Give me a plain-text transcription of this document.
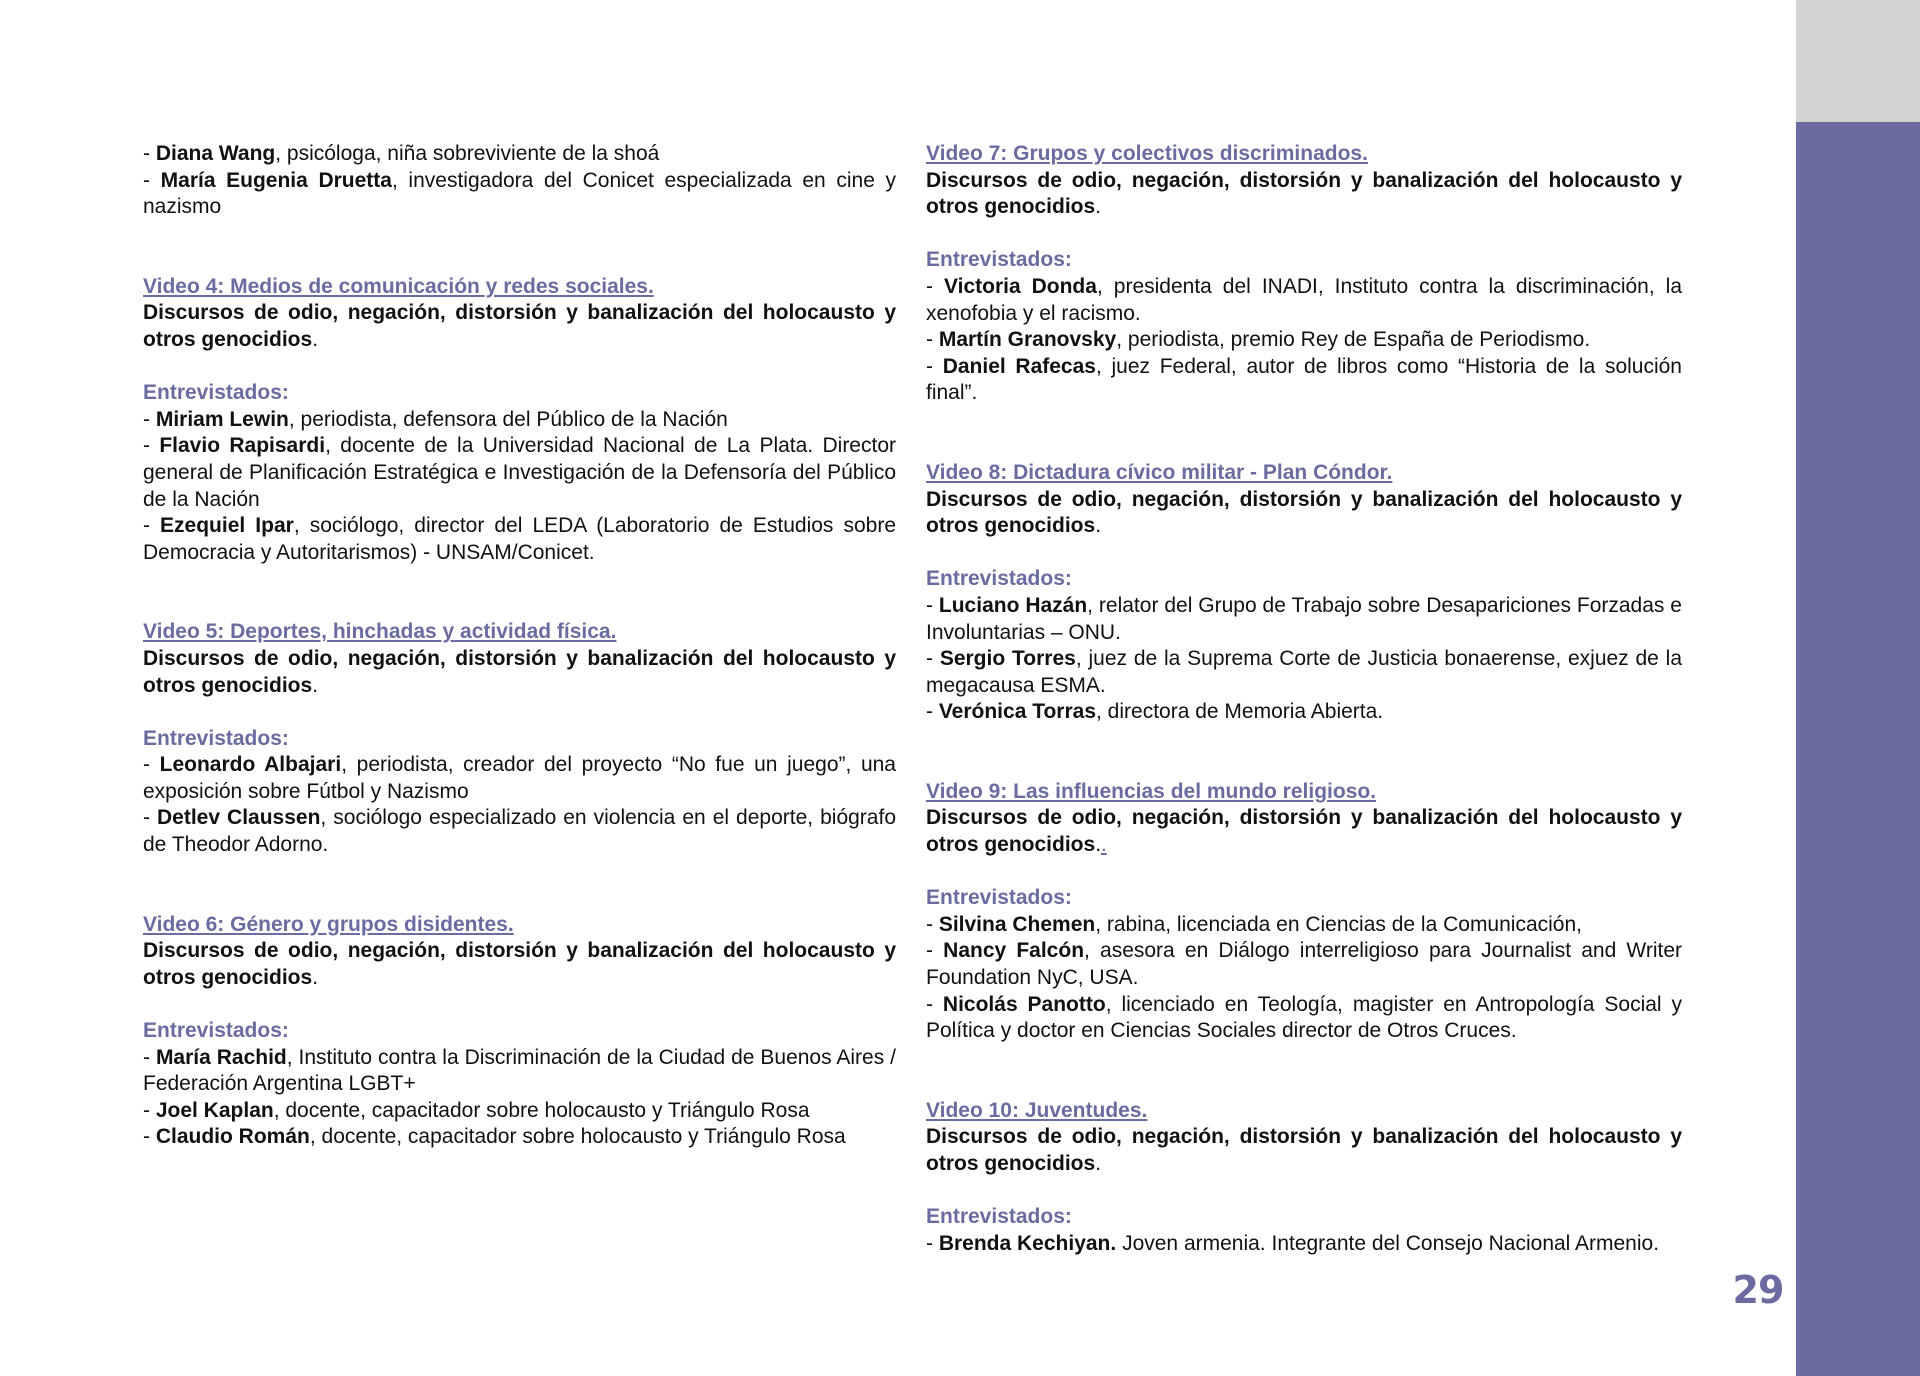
29

- Diana Wang, psicóloga, niña sobreviviente de la shoá

- María Eugenia Druetta, investigadora del Conicet especializada en cine y nazismo

Video 4: Medios de comunicación y redes sociales.

Discursos de odio, negación, distorsión y banalización del holocausto y otros genocidios.

Entrevistados:

- Miriam Lewin, periodista, defensora del Público de la Nación

- Flavio Rapisardi, docente de la Universidad Nacional de La Plata. Director general de Planificación Estratégica e Investigación de la Defensoría del Público de la Nación

- Ezequiel Ipar, sociólogo, director del LEDA (Laboratorio de Estudios sobre Democracia y Autoritarismos) - UNSAM/Conicet.

Video 5: Deportes, hinchadas y actividad física.

Discursos de odio, negación, distorsión y banalización del holocausto y otros genocidios.

Entrevistados:

- Leonardo Albajari, periodista, creador del proyecto “No fue un juego”, una exposición sobre Fútbol y Nazismo

- Detlev Claussen, sociólogo especializado en violencia en el deporte, biógrafo de Theodor Adorno.

Video 6: Género y grupos disidentes.

Discursos de odio, negación, distorsión y banalización del holocausto y otros genocidios.

Entrevistados:

- María Rachid, Instituto contra la Discriminación de la Ciudad de Buenos Aires / Federación Argentina LGBT+

- Joel Kaplan, docente, capacitador sobre holocausto y Triángulo Rosa

- Claudio Román, docente, capacitador sobre holocausto y Triángulo Rosa

Video 7: Grupos y colectivos discriminados.

Discursos de odio, negación, distorsión y banalización del holocausto y otros genocidios.

Entrevistados:

- Victoria Donda, presidenta del INADI, Instituto contra la discriminación, la xenofobia y el racismo.

- Martín Granovsky, periodista, premio Rey de España de Periodismo.

- Daniel Rafecas, juez Federal, autor de libros como “Historia de la solución final”.

Video 8: Dictadura cívico militar - Plan Cóndor.

Discursos de odio, negación, distorsión y banalización del holocausto y otros genocidios.

Entrevistados:

- Luciano Hazán, relator del Grupo de Trabajo sobre Desapariciones Forzadas e Involuntarias – ONU.

- Sergio Torres, juez de la Suprema Corte de Justicia bonaerense, exjuez de la megacausa ESMA.

- Verónica Torras, directora de Memoria Abierta.

Video 9: Las influencias del mundo religioso.

Discursos de odio, negación, distorsión y banalización del holocausto y otros genocidios..

Entrevistados:

- Silvina Chemen, rabina, licenciada en Ciencias de la Comunicación,

- Nancy Falcón, asesora en Diálogo interreligioso para Journalist and Writer Foundation NyC, USA.

- Nicolás Panotto, licenciado en Teología, magister en Antropología Social y Política y doctor en Ciencias Sociales director de Otros Cruces.

Video 10: Juventudes.

Discursos de odio, negación, distorsión y banalización del holocausto y otros genocidios.

Entrevistados:

- Brenda Kechiyan. Joven armenia. Integrante del Consejo Nacional Armenio.
